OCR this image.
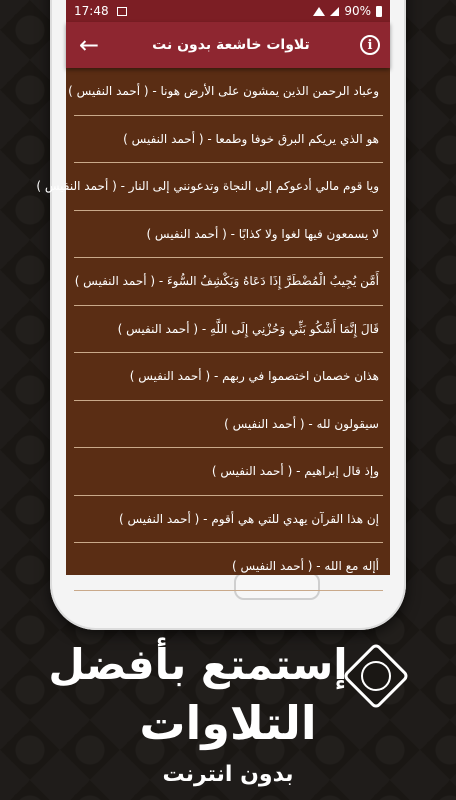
17:48	90%
←	تلاوات خاشعة بدون نت	i
وعباد الرحمن الذين يمشون على الأرض هونا - ( أحمد النفيس )
هو الذي يريكم البرق خوفا وطمعا - ( أحمد النفيس )
ويا قوم مالي أدعوكم إلى النجاة وتدعونني إلى النار - ( أحمد النفيس )
لا يسمعون فيها لغوا ولا كذابًا - ( أحمد النفيس )
أَمَّن يُجِيبُ الْمُضْطَرَّ إِذَا دَعَاهُ وَيَكْشِفُ السُّوءَ - ( أحمد النفيس )
قَالَ إِنَّمَا أَشْكُو بَثِّي وَحُزْنِي إِلَى اللَّهِ - ( أحمد النفيس )
هذان خصمان اختصموا في ربهم - ( أحمد النفيس )
سيقولون لله - ( أحمد النفيس )
وإذ قال إبراهيم - ( أحمد النفيس )
إن هذا القرآن يهدي للتي هي أقوم - ( أحمد النفيس )
أإله مع الله - ( أحمد النفيس )
إستمتع بأفضل
التلاوات
بدون انترنت
